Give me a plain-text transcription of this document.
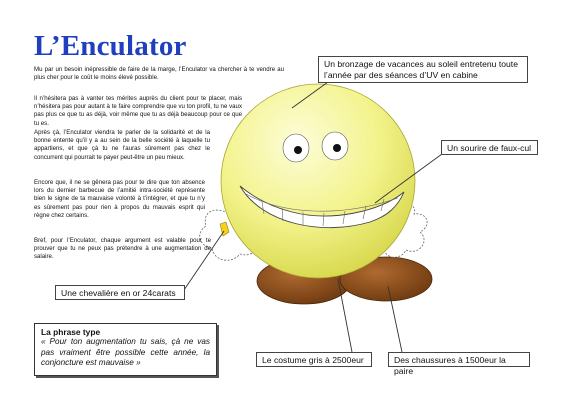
L’Enculator
Mu par un besoin inépressible de faire de la marge, l’Enculator va chercher à te vendre au plus cher pour le coût le moins élevé possible.
Il n’hésitera pas à vanter tes mérites auprès du client pour te placer, mais n’hésitera pas pour autant à te faire comprendre que vu ton profil, tu ne vaux pas plus ce que tu as déjà, voir même que tu as déjà beaucoup pour ce que tu es.
Après çà, l’Enculator viendra te parler de la solidarité et de la bonne entente qu’il y a au sein de la belle société à laquelle tu appartiens, et que çà tu ne l’auras sûrement pas chez le concurrent qui pourrait te payer peut-être un peu mieux.
Encore que, il ne se gênera pas pour te dire que ton absence lors du dernier barbecue de l’amitié intra-société représente bien le signe de ta mauvaise volonté à t’intégrer, et que tu n’y es sûrement pas pour rien à propos du mauvais esprit qui règne chez certains.
Bref, pour l’Enculator, chaque argument est valable pour te prouver que tu ne peux pas prétendre à une augmentation de salaire.
Un bronzage de vacances au soleil entretenu toute l’année par des séances d’UV en cabine
Un sourire de faux-cul
Une chevalière en or 24carats
Le costume gris à 2500eur	Des chaussures à 1500eur la paire
La phrase type
« Pour ton augmentation tu sais, çà ne vas pas vraiment être possible cette année, la conjoncture est mauvaise »
